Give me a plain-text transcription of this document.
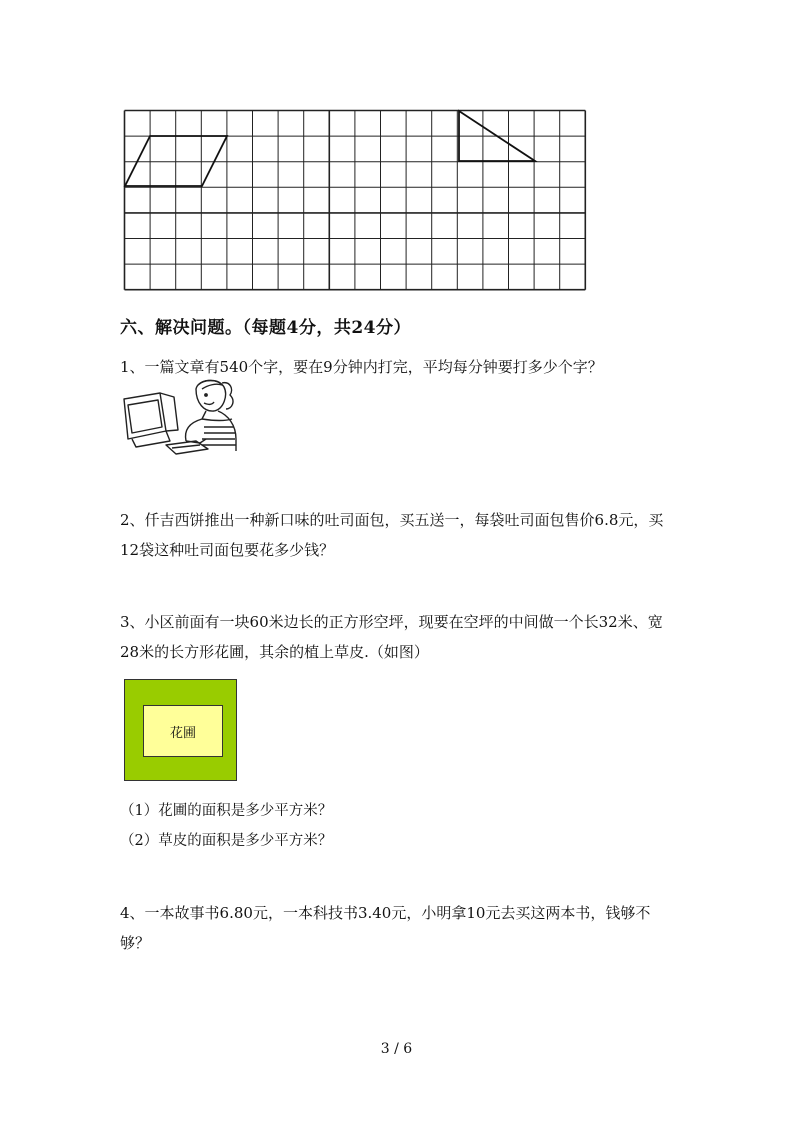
六、解决问题。（每题4分，共24分）
1、一篇文章有540个字，要在9分钟内打完，平均每分钟要打多少个字？
2、仟吉西饼推出一种新口味的吐司面包，买五送一，每袋吐司面包售价6.8元，买12袋这种吐司面包要花多少钱？
3、小区前面有一块60米边长的正方形空坪，现要在空坪的中间做一个长32米、宽28米的长方形花圃，其余的植上草皮.（如图）
花圃
（1）花圃的面积是多少平方米？
（2）草皮的面积是多少平方米？
4、一本故事书6.80元，一本科技书3.40元，小明拿10元去买这两本书，钱够不够？
3 / 6
